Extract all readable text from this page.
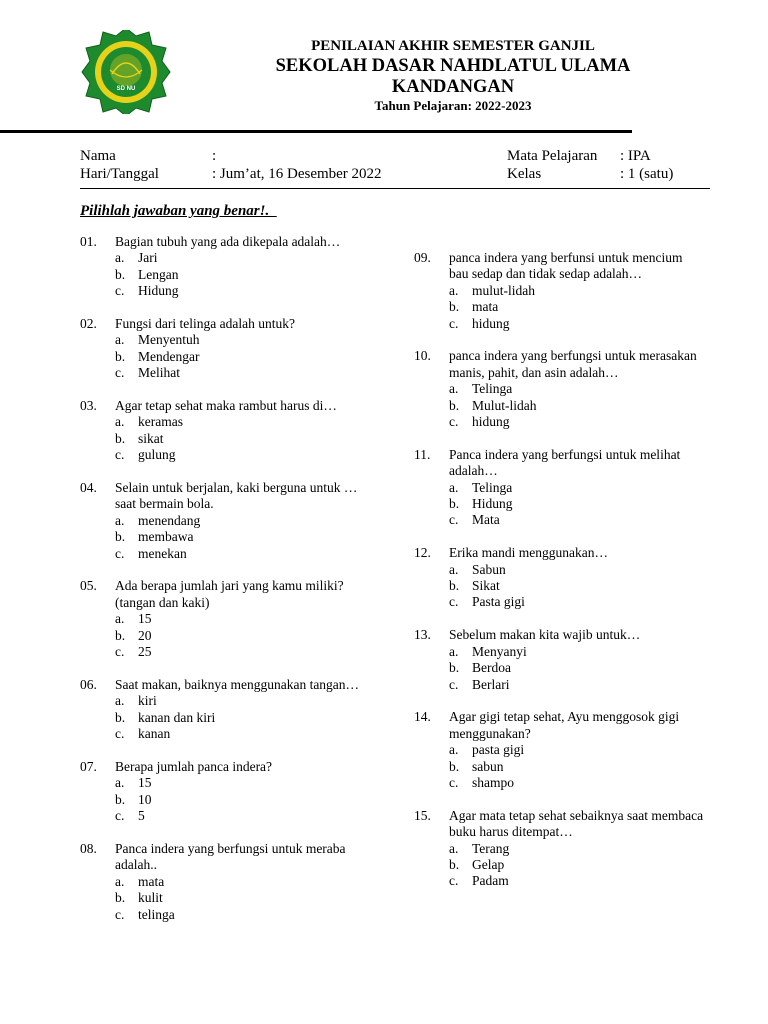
SD NU
PENILAIAN AKHIR SEMESTER GANJIL
SEKOLAH DASAR NAHDLATUL ULAMA
KANDANGAN
Tahun Pelajaran: 2022-2023
Nama	:
Hari/Tanggal	: Jum’at, 16 Desember 2022
Mata Pelajaran : IPA
Kelas	: 1 (satu)
Pilihlah jawaban yang benar!.
01. Bagian tubuh yang ada dikepala adalah…
a. Jari
b. Lengan
c. Hidung
02. Fungsi dari telinga adalah untuk?
a. Menyentuh
b. Mendengar
c. Melihat
03. Agar tetap sehat maka rambut harus di…
a. keramas
b. sikat
c. gulung
04. Selain untuk berjalan, kaki berguna untuk … saat bermain bola.
a. menendang
b. membawa
c. menekan
05. Ada berapa jumlah jari yang kamu miliki? (tangan dan kaki)
a. 15
b. 20
c. 25
06. Saat makan, baiknya menggunakan tangan…
a. kiri
b. kanan dan kiri
c. kanan
07. Berapa jumlah panca indera?
a. 15
b. 10
c. 5
08. Panca indera yang berfungsi untuk meraba adalah..
a. mata
b. kulit
c. telinga
09. panca indera yang berfunsi untuk mencium bau sedap dan tidak sedap adalah…
a. mulut-lidah
b. mata
c. hidung
10. panca indera yang berfungsi untuk merasakan manis, pahit, dan asin adalah…
a. Telinga
b. Mulut-lidah
c. hidung
11. Panca indera yang berfungsi untuk melihat adalah…
a. Telinga
b. Hidung
c. Mata
12. Erika mandi menggunakan…
a. Sabun
b. Sikat
c. Pasta gigi
13. Sebelum makan kita wajib untuk…
a. Menyanyi
b. Berdoa
c. Berlari
14. Agar gigi tetap sehat, Ayu menggosok gigi menggunakan?
a. pasta gigi
b. sabun
c. shampo
15. Agar mata tetap sehat sebaiknya saat membaca buku harus ditempat…
a. Terang
b. Gelap
c. Padam
